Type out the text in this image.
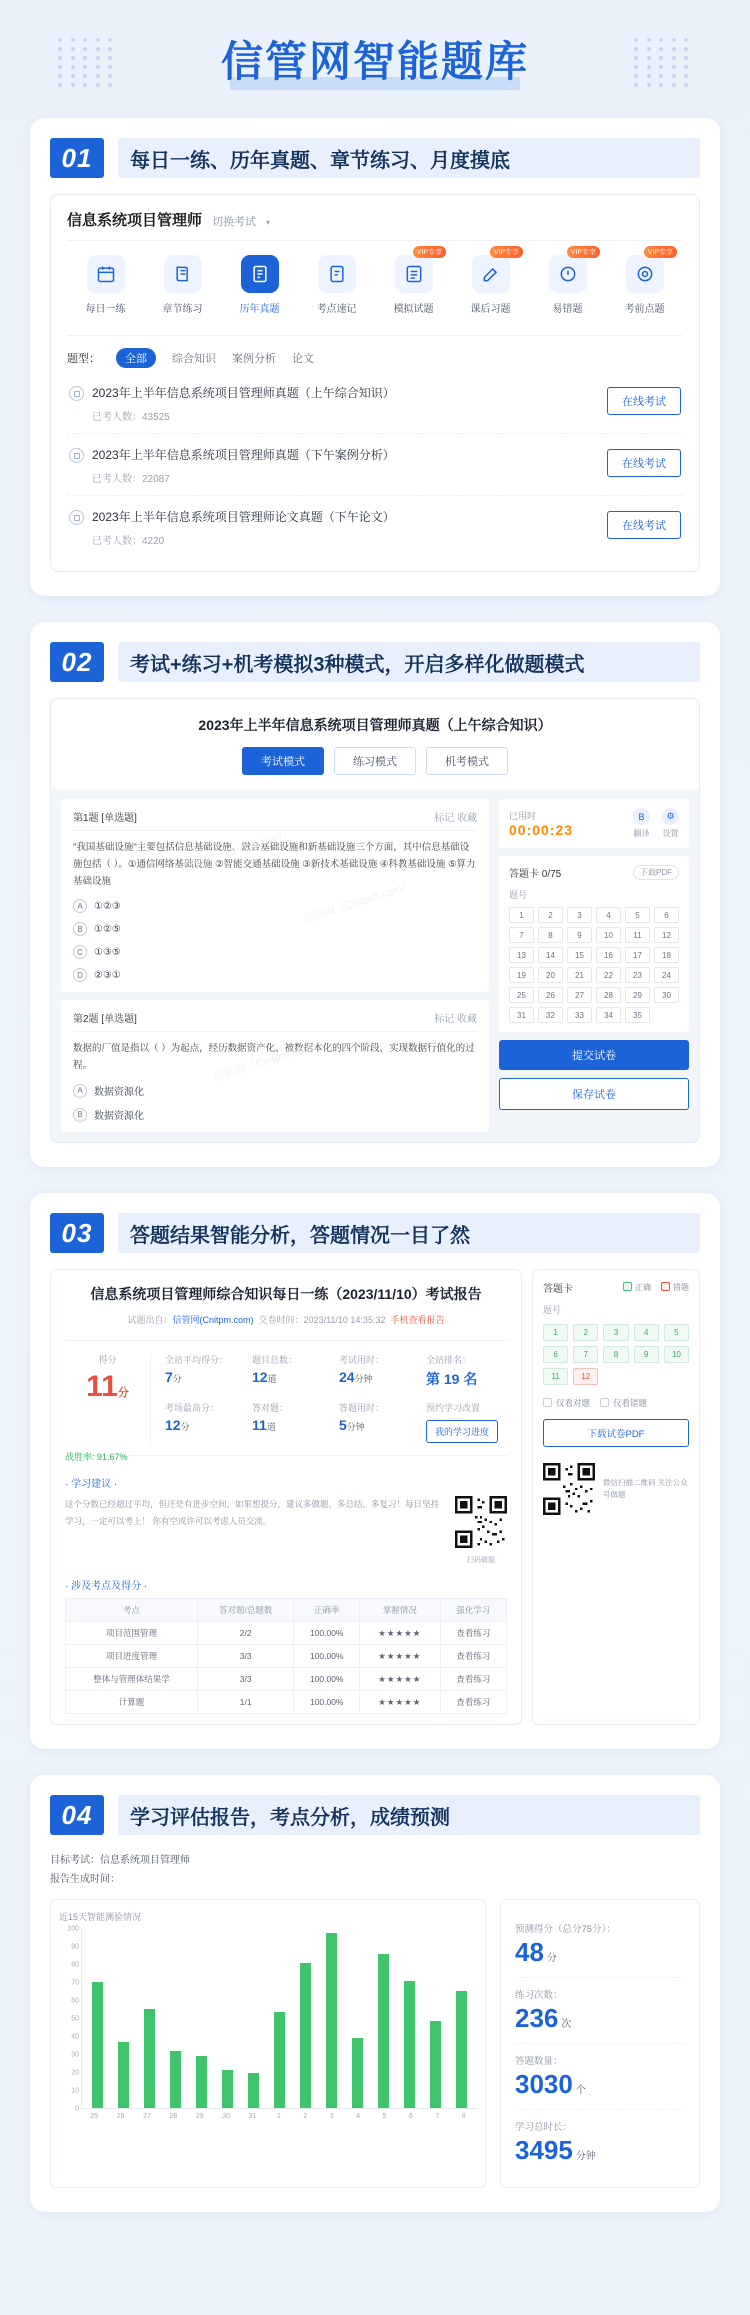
信管网智能题库
01	每日一练、历年真题、章节练习、月度摸底
信息系统项目管理师 切换考试 ▾
每日一练	章节练习	历年真题	考点速记
VIP专享
模拟试题
VIP专享
课后习题
VIP专享
易错题
VIP专享
考前点题
题型：	全部	综合知识 案例分析 论文
2023年上半年信息系统项目管理师真题（上午综合知识）
已考人数：43525
在线考试
2023年上半年信息系统项目管理师真题（下午案例分析）
已考人数：22087
在线考试
2023年上半年信息系统项目管理师论文真题（下午论文）
已考人数：4220
在线考试
02	考试+练习+机考模拟3种模式，开启多样化做题模式
2023年上半年信息系统项目管理师真题（上午综合知识）
考试模式	练习模式	机考模式
信管网（Cnitpm.com）
信管网（Cnitpm.com）
第1题 [单选题]	标记 收藏
"我国基础设施"主要包括信息基础设施、融合基础设施和新基础设施三个方面，其中信息基础设施包括（ ）。①通信网络基础设施 ②智能交通基础设施 ③新技术基础设施 ④科教基础设施 ⑤算力基础设施
A	①②③
B	①②⑤
C	①③⑤
D	②③①
信管网（Cnitpm.com）
第2题 [单选题]	标记 收藏
数据的厂值是指以（ ）为起点，经历数据资产化、被数据本化的四个阶段，实现数据行值化的过程。
A	数据资源化
B	数据资源化
已用时
00:00:23
B
翻译
⚙
设置
答题卡 0/75	下载PDF
题号
1	2	3	4	5	6
7	8	9	10	11	12
13	14	15	16	17	18
19	20	21	22	23	24
25	26	27	28	29	30
31	32	33	34	35
提交试卷
保存试卷
03	答题结果智能分析，答题情况一目了然
信息系统项目管理师综合知识每日一练（2023/11/10）考试报告
试题出自：信管网(Cnitpm.com) 交卷时间：2023/11/10 14:35:32 手机查看报告
得分
11分
全站平均得分：
7分
题目总数：
12道
考试用时：
24分钟
全站排名：
第 19 名
考场最高分：
12分
答对题：
11道
答题用时：
5分钟
预约学习改置
我的学习进度
战胜率: 91.67%
· 学习建议 ·

这个分数已经超过平均，但还是有进步空间，如果想提分，建议多做题，多总结，多复习！每日坚持学习，一定可以考上！ 你有空或许可以考虑人员交流。

扫码做题
· 涉及考点及得分 ·
考点	答对题/总题数	正确率	掌握情况	强化学习
项目范围管理	2/2	100.00%	★★★★★	查看练习
项目进度管理	3/3	100.00%	★★★★★	查看练习
整体与管理体结果学	3/3	100.00%	★★★★★	查看练习
计算题	1/1	100.00%	★★★★★	查看练习
答题卡	正确	错题
题号
1	2	3	4	5
6	7	8	9	10
11	12
仅看对题	仅看错题
下载试卷PDF
微信扫描二维码 关注公众号做题
04	学习评估报告，考点分析，成绩预测
目标考试：信息系统项目管理师
报告生成时间：
近15天智能测验情况
100
90
80
70
60
50
40
30
20
10
0
25	26	27	28	29	30	31	1	2	3	4	5	6	7	8
预测得分（总分75分）：
48 分
练习次数：
236 次
答题数量：
3030 个
学习总时长：
3495 分钟
